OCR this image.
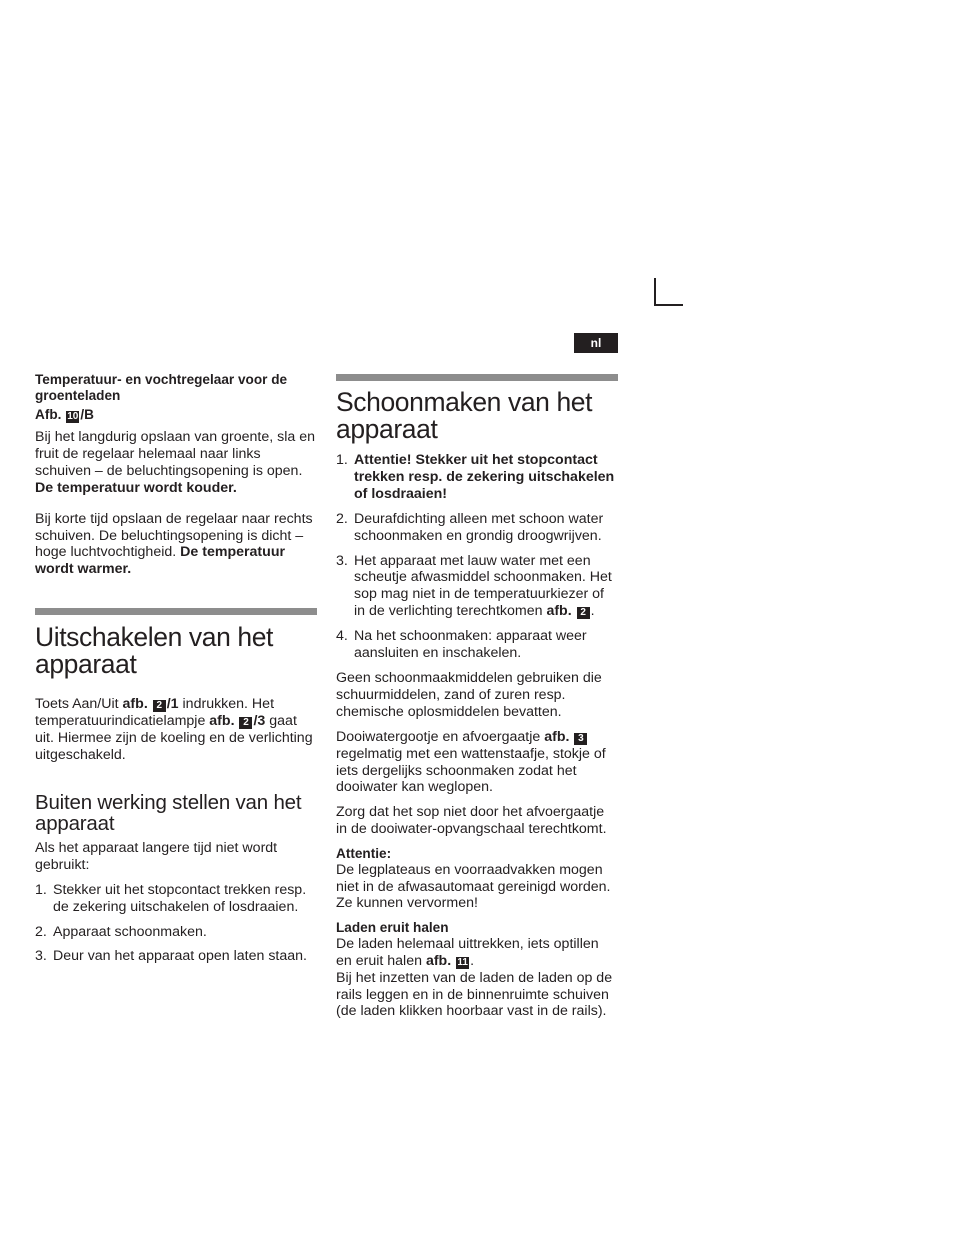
nl

Temperatuur- en vochtregelaar voor de groenteladen

Afb. 10 /B

Bij het langdurig opslaan van groente, sla en fruit de regelaar helemaal naar links schuiven – de beluchtingsopening is open. De temperatuur wordt kouder.

Bij korte tijd opslaan de regelaar naar rechts schuiven. De beluchtingsopening is dicht – hoge luchtvochtigheid. De temperatuur wordt warmer.

Uitschakelen van het apparaat

Toets Aan/Uit afb. 2 /1 indrukken. Het temperatuurindicatielampje afb. 2 /3 gaat uit. Hiermee zijn de koeling en de verlichting uitgeschakeld.

Buiten werking stellen van het apparaat

Als het apparaat langere tijd niet wordt gebruikt:

1. Stekker uit het stopcontact trekken resp. de zekering uitschakelen of losdraaien.
2. Apparaat schoonmaken.
3. Deur van het apparaat open laten staan.
Schoonmaken van het apparaat
1. Attentie! Stekker uit het stopcontact trekken resp. de zekering uitschakelen of losdraaien!
2. Deurafdichting alleen met schoon water schoonmaken en grondig droogwrijven.
3. Het apparaat met lauw water met een scheutje afwasmiddel schoonmaken. Het sop mag niet in de temperatuurkiezer of in de verlichting terechtkomen afb. 2 .
4. Na het schoonmaken: apparaat weer aansluiten en inschakelen.

Geen schoonmaakmiddelen gebruiken die schuurmiddelen, zand of zuren resp. chemische oplosmiddelen bevatten.

Dooiwatergootje en afvoergaatje afb. 3 regelmatig met een wattenstaafje, stokje of iets dergelijks schoonmaken zodat het dooiwater kan weglopen.

Zorg dat het sop niet door het afvoergaatje in de dooiwater-opvangschaal terechtkomt.

Attentie:

De legplateaus en voorraadvakken mogen niet in de afwasautomaat gereinigd worden. Ze kunnen vervormen!

Laden eruit halen

De laden helemaal uittrekken, iets optillen en eruit halen afb. 11 .

Bij het inzetten van de laden de laden op de rails leggen en in de binnenruimte schuiven (de laden klikken hoorbaar vast in de rails).
